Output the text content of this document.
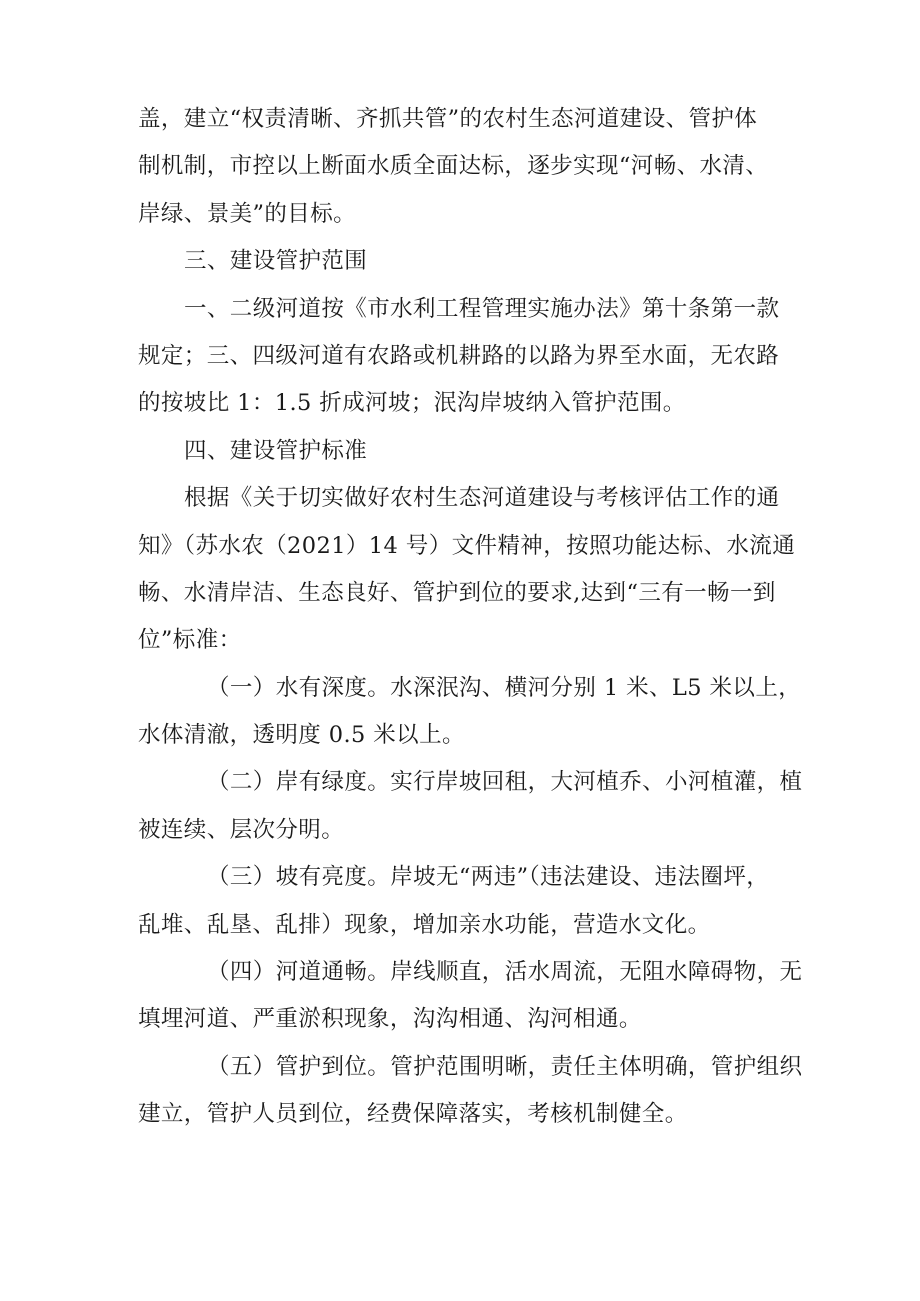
盖，建立“权责清晰、齐抓共管”的农村生态河道建设、管护体
制机制，市控以上断面水质全面达标，逐步实现“河畅、水清、
岸绿、景美”的目标。
三、建设管护范围
一、二级河道按《市水利工程管理实施办法》第十条第一款
规定；三、四级河道有农路或机耕路的以路为界至水面，无农路
的按坡比 1：1.5 折成河坡；泯沟岸坡纳入管护范围。
四、建设管护标准
根据《关于切实做好农村生态河道建设与考核评估工作的通
知》（苏水农（2021）14 号）文件精神，按照功能达标、水流通
畅、水清岸洁、生态良好、管护到位的要求,达到“三有一畅一到
位”标准：
（一）水有深度。水深泯沟、横河分别 1 米、L5 米以上，
水体清澈，透明度 0.5 米以上。
（二）岸有绿度。实行岸坡回租，大河植乔、小河植灌，植
被连续、层次分明。
（三）坡有亮度。岸坡无“两违”（违法建设、违法圈坪，
乱堆、乱垦、乱排）现象，增加亲水功能，营造水文化。
（四）河道通畅。岸线顺直，活水周流，无阻水障碍物，无
填埋河道、严重淤积现象，沟沟相通、沟河相通。
（五）管护到位。管护范围明晰，责任主体明确，管护组织
建立，管护人员到位，经费保障落实，考核机制健全。
